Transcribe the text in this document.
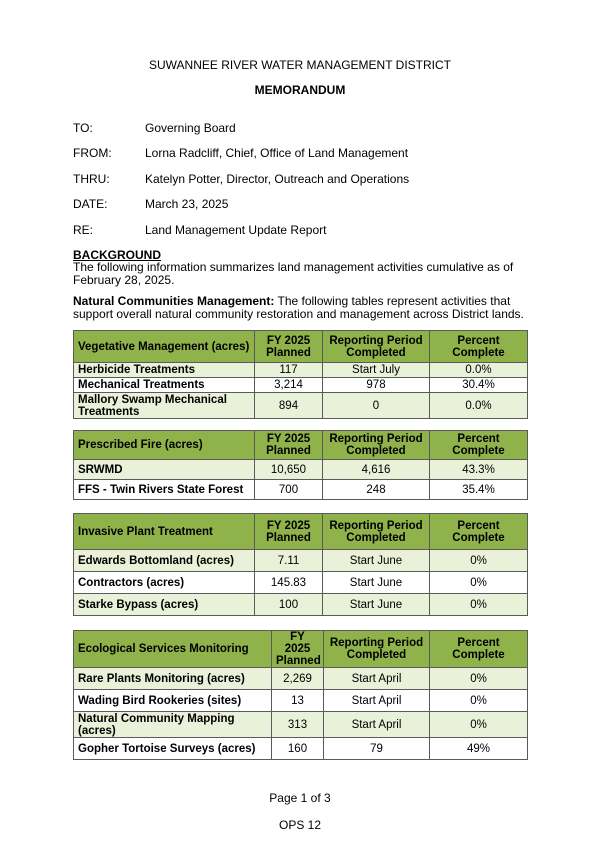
SUWANNEE RIVER WATER MANAGEMENT DISTRICT
MEMORANDUM
TO:	Governing Board
FROM:	Lorna Radcliff, Chief, Office of Land Management
THRU:	Katelyn Potter, Director, Outreach and Operations
DATE:	March 23, 2025
RE:	Land Management Update Report
BACKGROUND
The following information summarizes land management activities cumulative as of February 28, 2025.
Natural Communities Management: The following tables represent activities that support overall natural community restoration and management across District lands.
Vegetative Management (acres)	FY 2025 Planned	Reporting Period Completed	Percent Complete
Herbicide Treatments	117	Start July	0.0%
Mechanical Treatments	3,214	978	30.4%
Mallory Swamp Mechanical Treatments	894	0	0.0%
Prescribed Fire (acres)	FY 2025 Planned	Reporting Period Completed	Percent Complete
SRWMD	10,650	4,616	43.3%
FFS - Twin Rivers State Forest	700	248	35.4%
Invasive Plant Treatment	FY 2025 Planned	Reporting Period Completed	Percent Complete
Edwards Bottomland (acres)	7.11	Start June	0%
Contractors (acres)	145.83	Start June	0%
Starke Bypass (acres)	100	Start June	0%
Ecological Services Monitoring	FY 2025 Planned	Reporting Period Completed	Percent Complete
Rare Plants Monitoring (acres)	2,269	Start April	0%
Wading Bird Rookeries (sites)	13	Start April	0%
Natural Community Mapping (acres)	313	Start April	0%
Gopher Tortoise Surveys (acres)	160	79	49%
Page 1 of 3
OPS 12
